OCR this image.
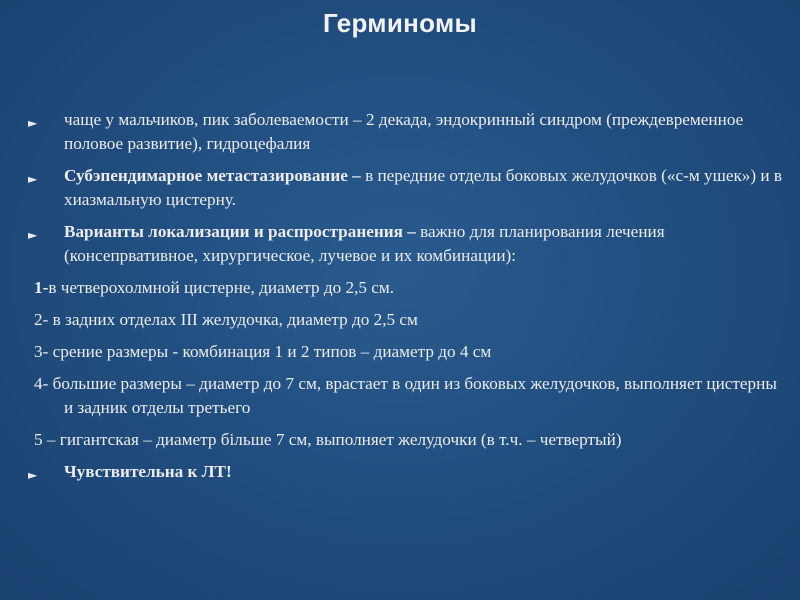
Герминомы
► чаще у мальчиков, пик заболеваемости – 2 декада, эндокринный синдром (преждевременное половое развитие), гидроцефалия
► Субэпендимарное метастазирование – в передние отделы боковых желудочков («с-м ушек») и в хиазмальную цистерну.
► Варианты локализации и распространения – важно для планирования лечения (консепрвативное, хирургическое, лучевое и их комбинации):
1-в четверохолмной цистерне, диаметр до 2,5 см.
2- в задних отделах III желудочка, диаметр до 2,5 см
3- срение размеры - комбинация 1 и 2 типов – диаметр до 4 см
4- большие размеры – диаметр до 7 см, врастает в один из боковых желудочков, выполняет цистерны и задник отделы третьего
5 – гигантская – диаметр більше 7 см, выполняет желудочки (в т.ч. – четвертый)
► Чувствительна к ЛТ!
